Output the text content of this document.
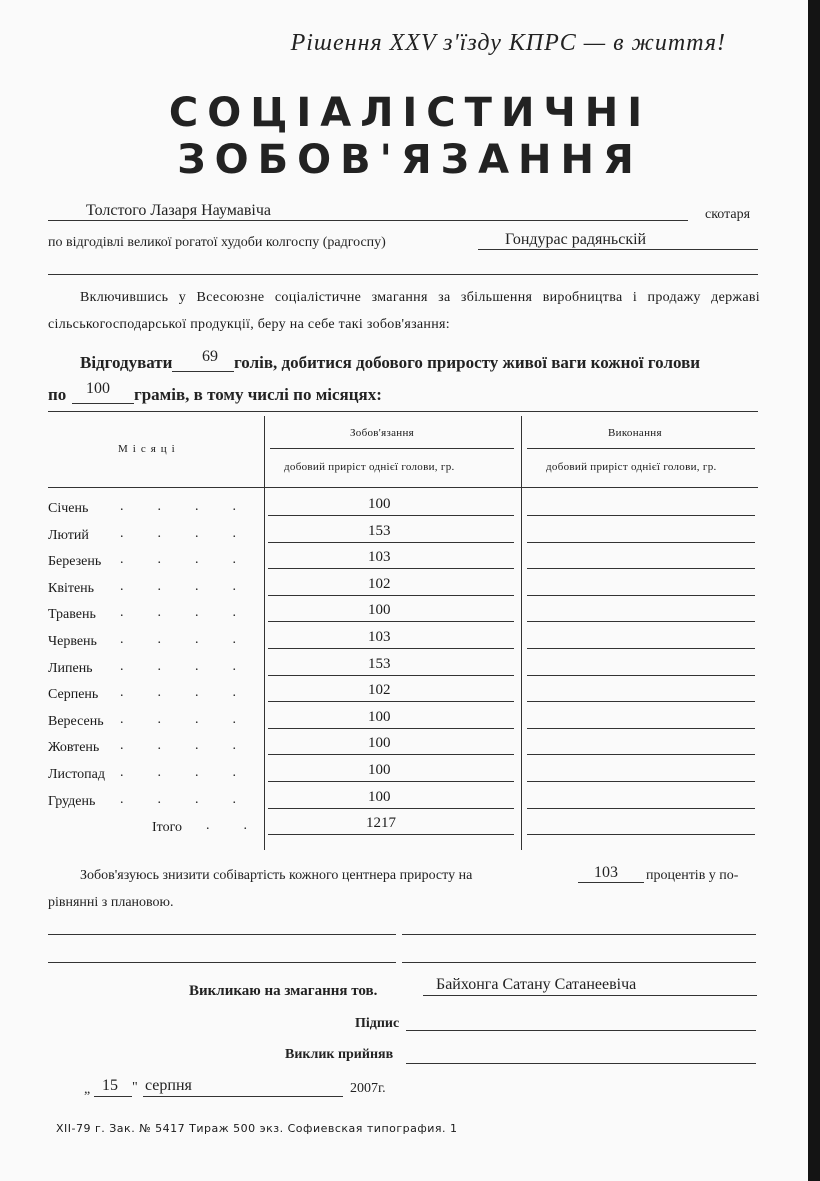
Рішення XXV з'їзду КПРС — в життя!
СОЦІАЛІСТИЧНІ
ЗОБОВ'ЯЗАННЯ
Толстого Лазаря Наумавіча	скотаря
по відгодівлі великої рогатої худоби колгоспу (радгоспу)	Гондурас радяньскій
Включившись у Всесоюзне соціалістичне змагання за збільшення виробництва і продажу державі сільськогосподарської продукції, беру на себе такі зобов'язання:
Відгодувати 69 голів, добитися добового приросту живої ваги кожної голови
по 100 грамів, в тому числі по місяцях:
Місяці
Зобов'язання
добовий приріст однієї голови, гр.
Виконання
добовий приріст однієї голови, гр.
Січень ....	100
Лютий ....	153
Березень ....	103
Квітень ....	102
Травень ....	100
Червень ....	103
Липень ....	153
Серпень ....	102
Вересень ....	100
Жовтень ....	100
Листопад ....	100
Грудень ....	100
Ітого ..	1217
Зобов'язуюсь знизити собівартість кожного центнера приросту на	103 процентів у по-
рівнянні з плановою.
Викликаю на змагання тов.	Байхонга Сатану Сатанеевіча
Підпис
Виклик прийняв
„ 15 " серпня	2007г.
XII-79 г. Зак. № 5417 Тираж 500 экз. Софиевская типография. 1
